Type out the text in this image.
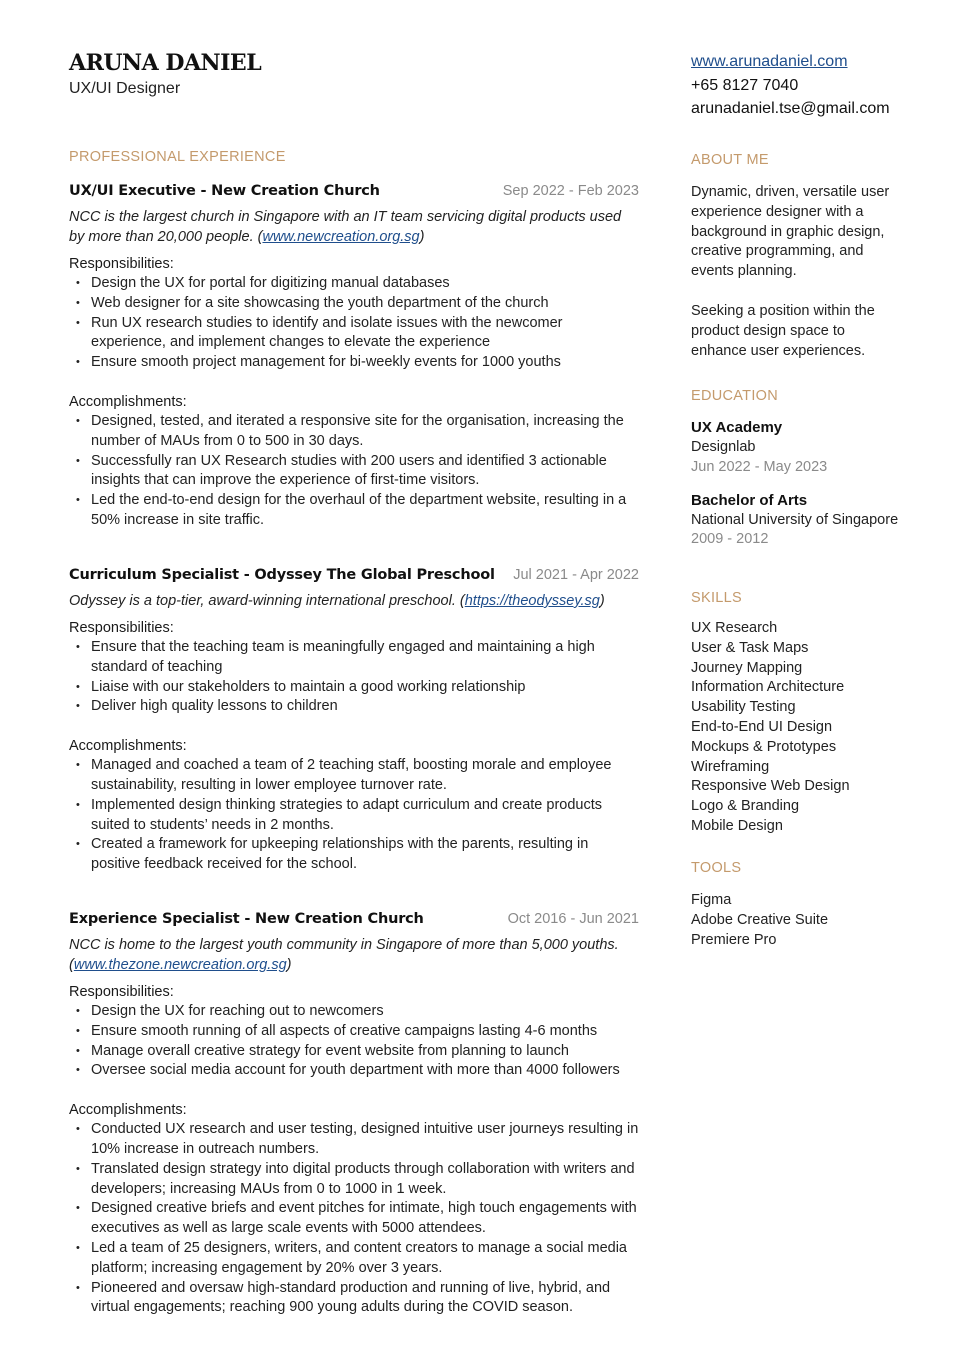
ARUNA DANIEL

UX/UI Designer

PROFESSIONAL EXPERIENCE

UX/UI Executive - New Creation Church	Sep 2022 - Feb 2023

NCC is the largest church in Singapore with an IT team servicing digital products used by more than 20,000 people. (www.newcreation.org.sg)

Responsibilities:

• Design the UX for portal for digitizing manual databases
• Web designer for a site showcasing the youth department of the church
• Run UX research studies to identify and isolate issues with the newcomer experience, and implement changes to elevate the experience
• Ensure smooth project management for bi-weekly events for 1000 youths

Accomplishments:

• Designed, tested, and iterated a responsive site for the organisation, increasing the number of MAUs from 0 to 500 in 30 days.
• Successfully ran UX Research studies with 200 users and identified 3 actionable insights that can improve the experience of first-time visitors.
• Led the end-to-end design for the overhaul of the department website, resulting in a 50% increase in site traffic.
Curriculum Specialist - Odyssey The Global Preschool Jul 2021 - Apr 2022

Odyssey is a top-tier, award-winning international preschool. (https://theodyssey.sg)

Responsibilities:

• Ensure that the teaching team is meaningfully engaged and maintaining a high standard of teaching
• Liaise with our stakeholders to maintain a good working relationship
• Deliver high quality lessons to children

Accomplishments:

• Managed and coached a team of 2 teaching staff, boosting morale and employee sustainability, resulting in lower employee turnover rate.
• Implemented design thinking strategies to adapt curriculum and create products suited to students’ needs in 2 months.
• Created a framework for upkeeping relationships with the parents, resulting in positive feedback received for the school.
Experience Specialist - New Creation Church	Oct 2016 - Jun 2021

NCC is home to the largest youth community in Singapore of more than 5,000 youths. (www.thezone.newcreation.org.sg)

Responsibilities:

• Design the UX for reaching out to newcomers
• Ensure smooth running of all aspects of creative campaigns lasting 4-6 months
• Manage overall creative strategy for event website from planning to launch
• Oversee social media account for youth department with more than 4000 followers

Accomplishments:

• Conducted UX research and user testing, designed intuitive user journeys resulting in 10% increase in outreach numbers.
• Translated design strategy into digital products through collaboration with writers and developers; increasing MAUs from 0 to 1000 in 1 week.
• Designed creative briefs and event pitches for intimate, high touch engagements with executives as well as large scale events with 5000 attendees.
• Led a team of 25 designers, writers, and content creators to manage a social media platform; increasing engagement by 20% over 3 years.
• Pioneered and oversaw high-standard production and running of live, hybrid, and virtual engagements; reaching 900 young adults during the COVID season.

www.arunadaniel.com

+65 8127 7040

arunadaniel.tse@gmail.com

ABOUT ME

Dynamic, driven, versatile user experience designer with a background in graphic design, creative programming, and events planning.

Seeking a position within the product design space to enhance user experiences.

EDUCATION

UX Academy

Designlab

Jun 2022 - May 2023

Bachelor of Arts

National University of Singapore

2009 - 2012

SKILLS

UX Research
User & Task Maps
Journey Mapping
Information Architecture
Usability Testing
End-to-End UI Design
Mockups & Prototypes
Wireframing
Responsive Web Design
Logo & Branding
Mobile Design

TOOLS

Figma
Adobe Creative Suite
Premiere Pro
